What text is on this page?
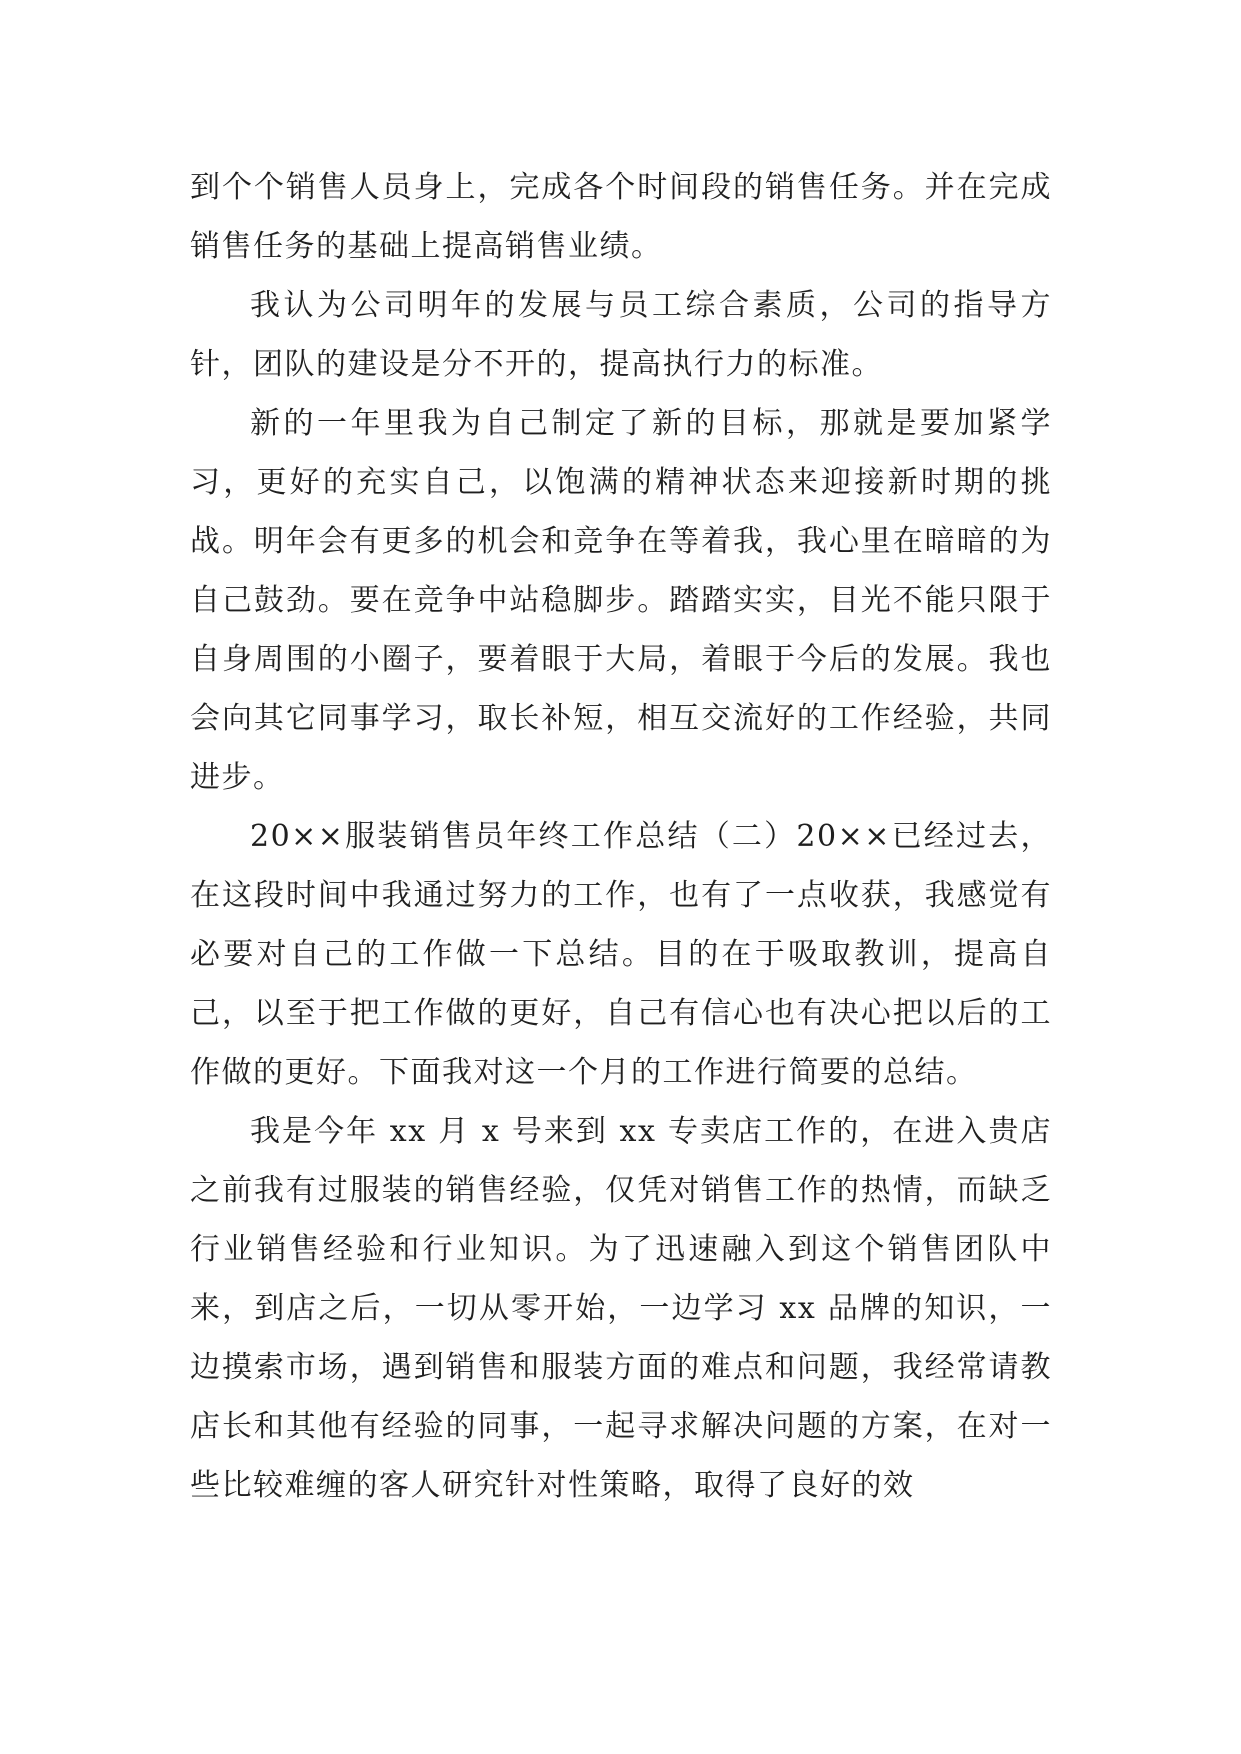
到个个销售人员身上，完成各个时间段的销售任务。并在完成销售任务的基础上提高销售业绩。

我认为公司明年的发展与员工综合素质，公司的指导方针，团队的建设是分不开的，提高执行力的标准。

新的一年里我为自己制定了新的目标，那就是要加紧学习，更好的充实自己，以饱满的精神状态来迎接新时期的挑战。明年会有更多的机会和竞争在等着我，我心里在暗暗的为自己鼓劲。要在竞争中站稳脚步。踏踏实实，目光不能只限于自身周围的小圈子，要着眼于大局，着眼于今后的发展。我也会向其它同事学习，取长补短，相互交流好的工作经验，共同进步。

20××服装销售员年终工作总结（二）20××已经过去，在这段时间中我通过努力的工作，也有了一点收获，我感觉有必要对自己的工作做一下总结。目的在于吸取教训，提高自己，以至于把工作做的更好，自己有信心也有决心把以后的工作做的更好。下面我对这一个月的工作进行简要的总结。

我是今年 xx 月 x 号来到 xx 专卖店工作的，在进入贵店之前我有过服装的销售经验，仅凭对销售工作的热情，而缺乏行业销售经验和行业知识。为了迅速融入到这个销售团队中来，到店之后，一切从零开始，一边学习 xx 品牌的知识，一边摸索市场，遇到销售和服装方面的难点和问题，我经常请教店长和其他有经验的同事，一起寻求解决问题的方案，在对一些比较难缠的客人研究针对性策略，取得了良好的效
